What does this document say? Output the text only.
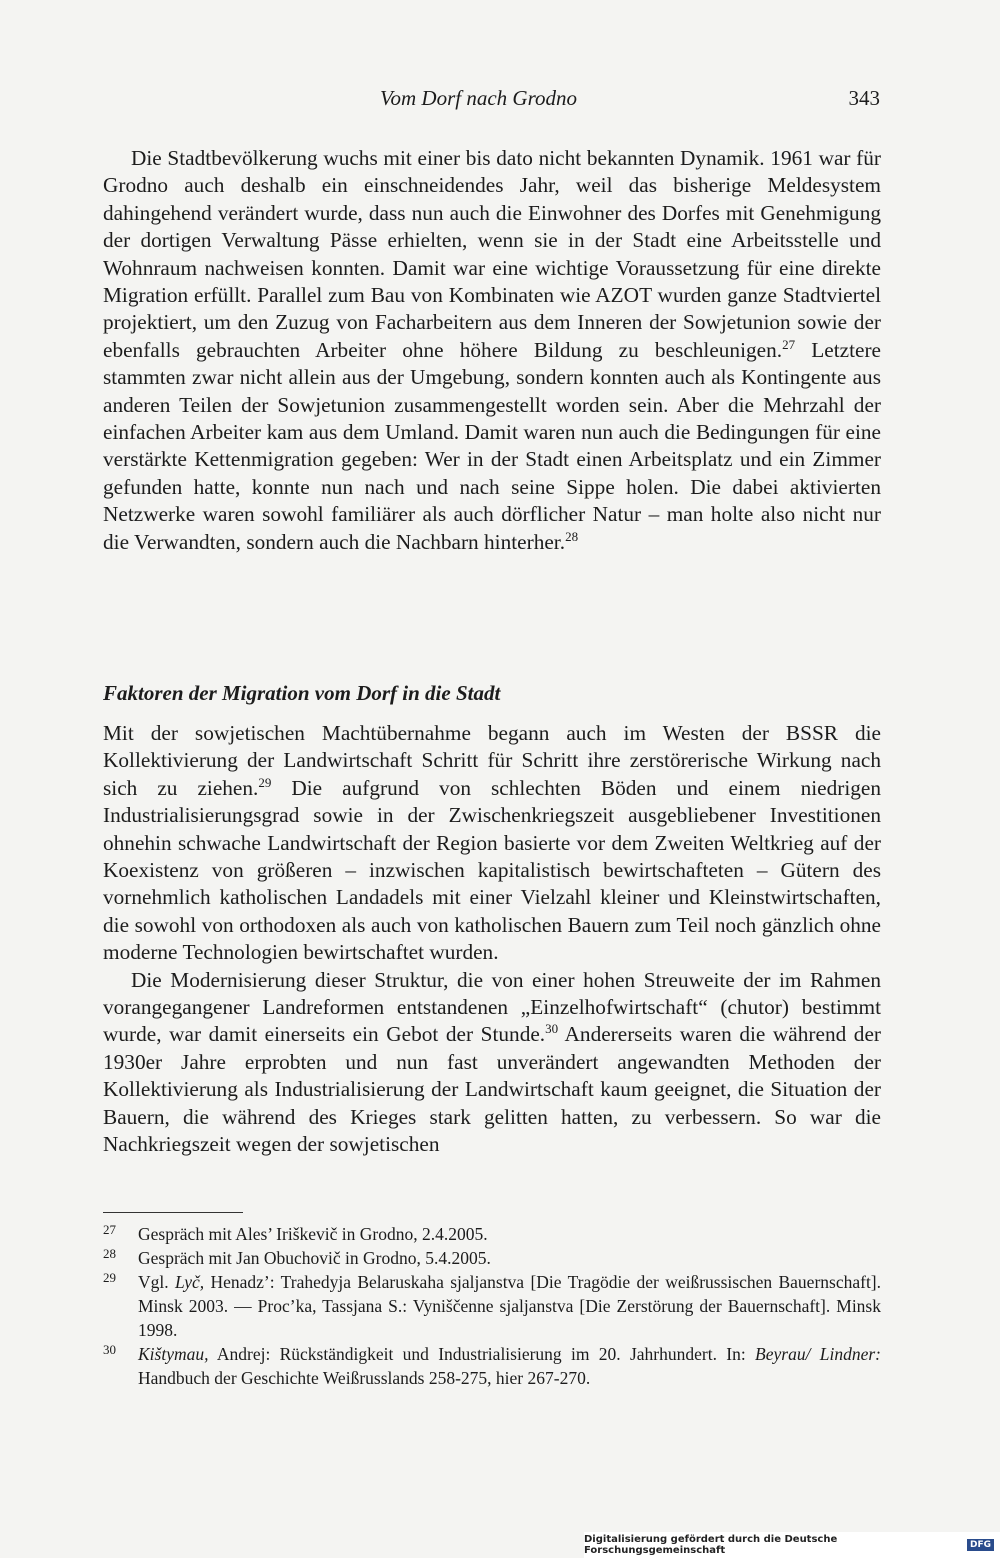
Vom Dorf nach Grodno	343

Die Stadtbevölkerung wuchs mit einer bis dato nicht bekannten Dynamik. 1961 war für Grodno auch deshalb ein einschneidendes Jahr, weil das bisherige Meldesystem dahingehend verändert wurde, dass nun auch die Einwohner des Dorfes mit Genehmigung der dortigen Verwaltung Pässe erhielten, wenn sie in der Stadt eine Arbeitsstelle und Wohnraum nachweisen konnten. Damit war eine wichtige Voraussetzung für eine direkte Migration erfüllt. Parallel zum Bau von Kombinaten wie AZOT wurden ganze Stadtviertel projektiert, um den Zuzug von Facharbeitern aus dem Inneren der Sowjetunion sowie der ebenfalls gebrauchten Arbeiter ohne höhere Bildung zu beschleunigen.$^{27}$ Letztere stammten zwar nicht allein aus der Umgebung, sondern konnten auch als Kontingente aus anderen Teilen der Sowjetunion zusammengestellt worden sein. Aber die Mehrzahl der einfachen Arbeiter kam aus dem Umland. Damit waren nun auch die Bedingungen für eine verstärkte Kettenmigration gegeben: Wer in der Stadt einen Arbeitsplatz und ein Zimmer gefunden hatte, konnte nun nach und nach seine Sippe holen. Die dabei aktivierten Netzwerke waren sowohl familiärer als auch dörflicher Natur – man holte also nicht nur die Verwandten, sondern auch die Nachbarn hinterher.$^{28}$

Faktoren der Migration vom Dorf in die Stadt

Mit der sowjetischen Machtübernahme begann auch im Westen der BSSR die Kollektivierung der Landwirtschaft Schritt für Schritt ihre zerstörerische Wirkung nach sich zu ziehen.$^{29}$ Die aufgrund von schlechten Böden und einem niedrigen Industrialisierungsgrad sowie in der Zwischenkriegszeit ausgebliebener Investitionen ohnehin schwache Landwirtschaft der Region basierte vor dem Zweiten Weltkrieg auf der Koexistenz von größeren – inzwischen kapitalistisch bewirtschafteten – Gütern des vornehmlich katholischen Landadels mit einer Vielzahl kleiner und Kleinstwirtschaften, die sowohl von orthodoxen als auch von katholischen Bauern zum Teil noch gänzlich ohne moderne Technologien bewirtschaftet wurden.

Die Modernisierung dieser Struktur, die von einer hohen Streuweite der im Rahmen vorangegangener Landreformen entstandenen „Einzelhofwirtschaft“ (chutor) bestimmt wurde, war damit einerseits ein Gebot der Stunde.$^{30}$ Andererseits waren die während der 1930er Jahre erprobten und nun fast unverändert angewandten Methoden der Kollektivierung als Industrialisierung der Landwirtschaft kaum geeignet, die Situation der Bauern, die während des Krieges stark gelitten hatten, zu verbessern. So war die Nachkriegszeit wegen der sowjetischen

27 Gespräch mit Ales’ Iriškevič in Grodno, 2.4.2005.

28 Gespräch mit Jan Obuchovič in Grodno, 5.4.2005.

29 Vgl. Lyč, Henadz’: Trahedyja Belaruskaha sjaljanstva [Die Tragödie der weißrussischen Bauernschaft]. Minsk 2003. — Proc’ka, Tassjana S.: Vyniščenne sjaljanstva [Die Zerstörung der Bauernschaft]. Minsk 1998.

30 Kištymau, Andrej: Rückständigkeit und Industrialisierung im 20. Jahrhundert. In: Beyrau/ Lindner: Handbuch der Geschichte Weißrusslands 258-275, hier 267-270.

Digitalisierung gefördert durch die Deutsche Forschungsgemeinschaft	DFG
